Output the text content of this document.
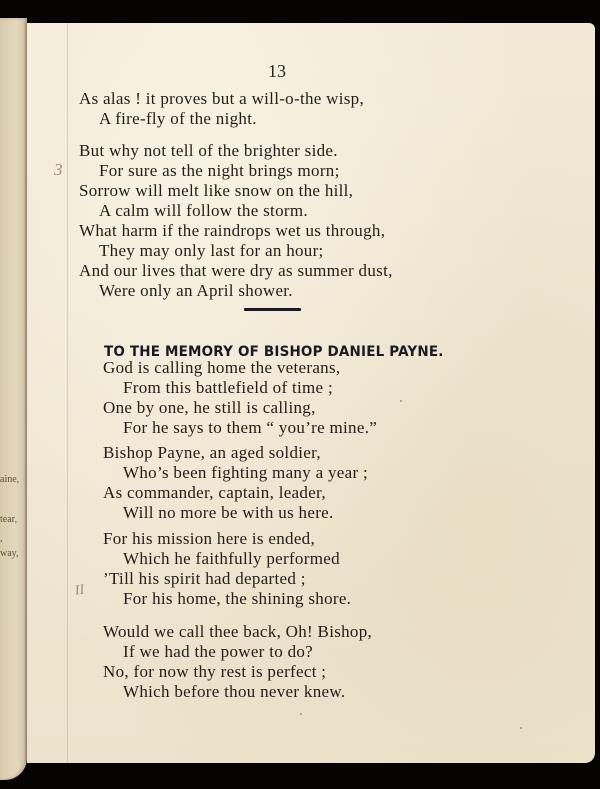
aine,
tear,
,
way,
13
As alas ! it proves but a will-o-the wisp,
A fire-fly of the night.
But why not tell of the brighter side.
For sure as the night brings morn;
Sorrow will melt like snow on the hill,
A calm will follow the storm.
What harm if the raindrops wet us through,
They may only last for an hour;
And our lives that were dry as summer dust,
Were only an April shower.
3
TO THE MEMORY OF BISHOP DANIEL PAYNE.
God is calling home the veterans,
From this battlefield of time ;
One by one, he still is calling,
For he says to them “ you’re mine.”
Bishop Payne, an aged soldier,
Who’s been fighting many a year ;
As commander, captain, leader,
Will no more be with us here.
For his mission here is ended,
Which he faithfully performed
’Till his spirit had departed ;
For his home, the shining shore.
II
Would we call thee back, Oh! Bishop,
If we had the power to do?
No, for now thy rest is perfect ;
Which before thou never knew.
